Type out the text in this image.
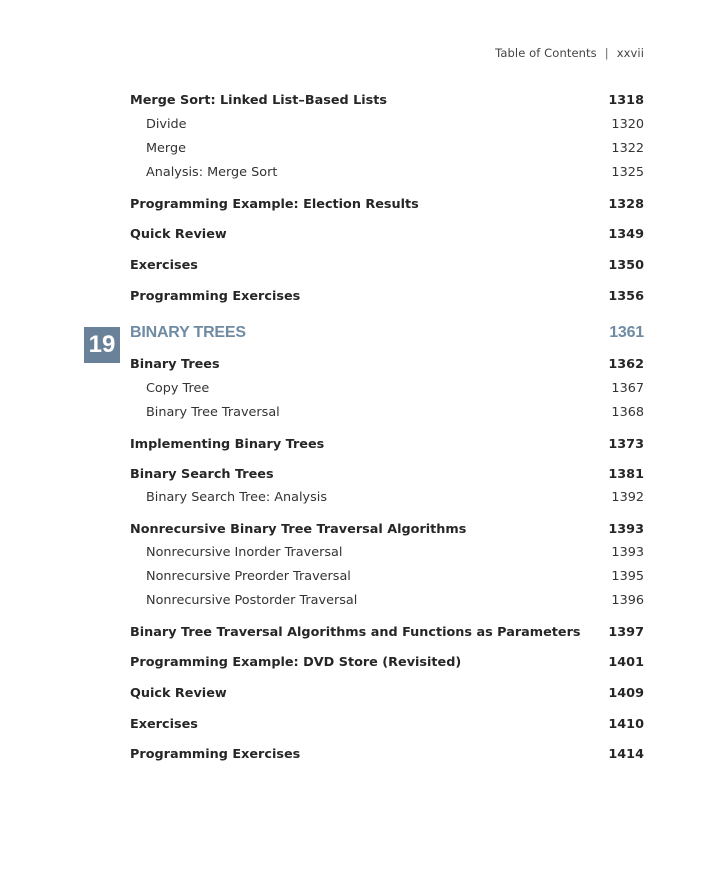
Table of Contents | xxvii
Merge Sort: Linked List–Based Lists	1318
Divide	1320
Merge	1322
Analysis: Merge Sort	1325
Programming Example: Election Results	1328
Quick Review	1349
Exercises	1350
Programming Exercises	1356
19 BINARY TREES	1361
Binary Trees	1362
Copy Tree	1367
Binary Tree Traversal	1368
Implementing Binary Trees	1373
Binary Search Trees	1381
Binary Search Tree: Analysis	1392
Nonrecursive Binary Tree Traversal Algorithms	1393
Nonrecursive Inorder Traversal	1393
Nonrecursive Preorder Traversal	1395
Nonrecursive Postorder Traversal	1396
Binary Tree Traversal Algorithms and Functions as Parameters 1397
Programming Example: DVD Store (Revisited)	1401
Quick Review	1409
Exercises	1410
Programming Exercises	1414
